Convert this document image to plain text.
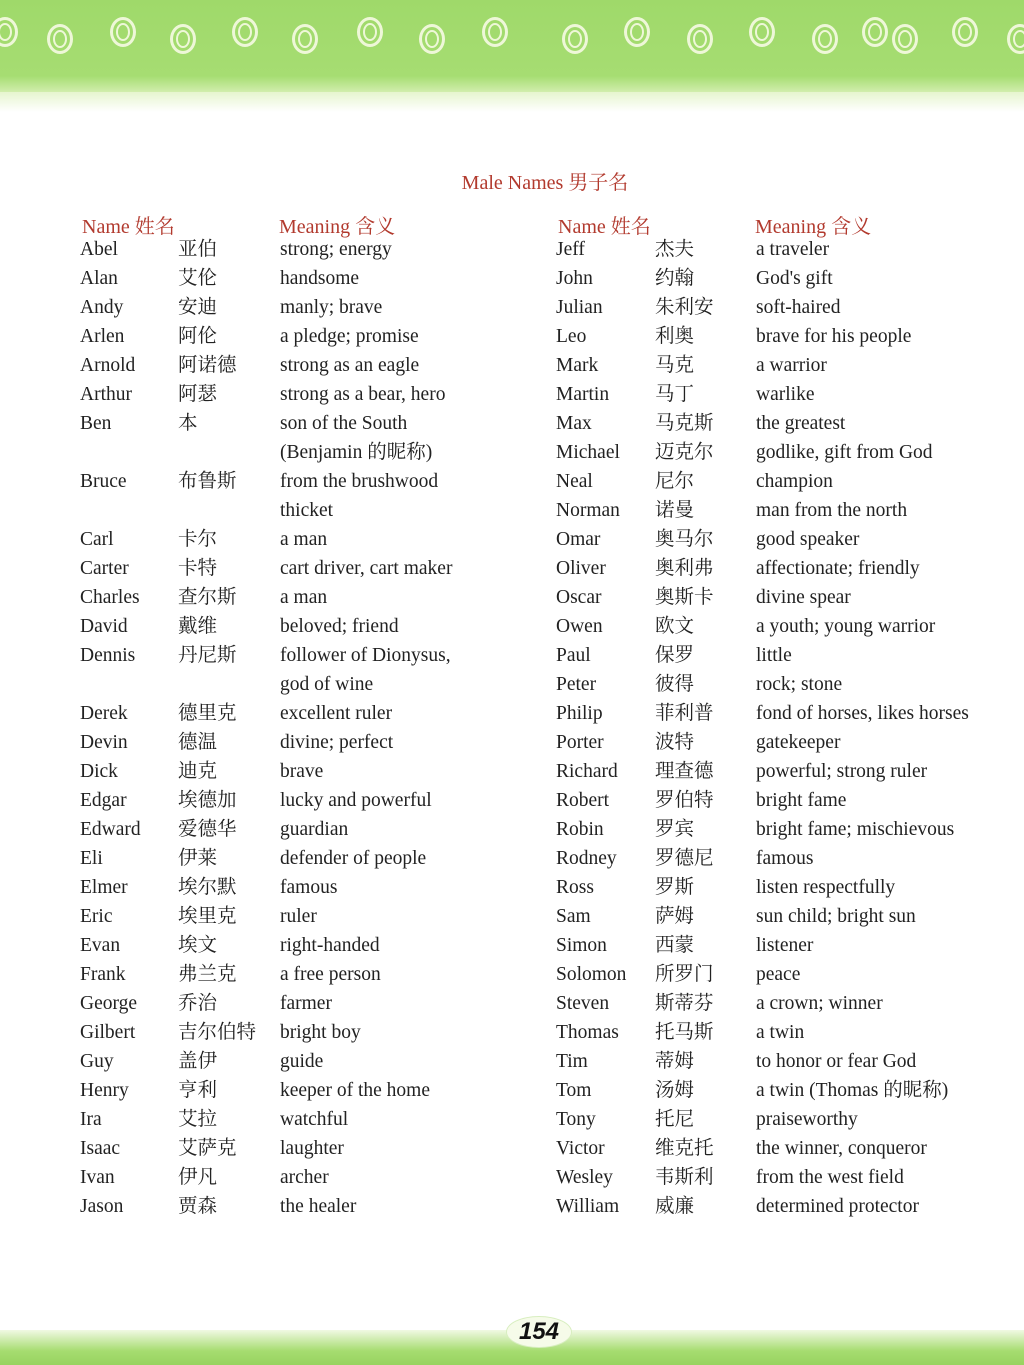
Male Names 男子名
Name 姓名	Meaning 含义	Name 姓名	Meaning 含义
Abel	亚伯	strong; energy
Alan	艾伦	handsome
Andy	安迪	manly; brave
Arlen	阿伦	a pledge; promise
Arnold 阿诺德 strong as an eagle
Arthur 阿瑟	strong as a bear, hero
Ben	本	son of the South
(Benjamin 的昵称)
Bruce	布鲁斯 from the brushwood
thicket
Carl	卡尔	a man
Carter	卡特	cart driver, cart maker
Charles 查尔斯 a man
David	戴维	beloved; friend
Dennis 丹尼斯 follower of Dionysus,
god of wine
Derek	德里克 excellent ruler
Devin	德温	divine; perfect
Dick	迪克	brave
Edgar	埃德加 lucky and powerful
Edward 爱德华 guardian
Eli	伊莱	defender of people
Elmer	埃尔默 famous
Eric	埃里克 ruler
Evan	埃文	right-handed
Frank	弗兰克 a free person
George 乔治	farmer
Gilbert 吉尔伯特 bright boy
Guy	盖伊	guide
Henry	亨利	keeper of the home
Ira	艾拉	watchful
Isaac	艾萨克 laughter
Ivan	伊凡	archer
Jason	贾森	the healer
Jeff	杰夫	a traveler
John	约翰	God's gift
Julian	朱利安 soft-haired
Leo	利奥	brave for his people
Mark	马克	a warrior
Martin 马丁	warlike
Max	马克斯 the greatest
Michael 迈克尔 godlike, gift from God
Neal	尼尔	champion
Norman 诺曼	man from the north
Omar	奥马尔 good speaker
Oliver	奥利弗 affectionate; friendly
Oscar	奥斯卡 divine spear
Owen	欧文	a youth; young warrior
Paul	保罗	little
Peter	彼得	rock; stone
Philip	菲利普 fond of horses, likes horses
Porter	波特	gatekeeper
Richard 理查德 powerful; strong ruler
Robert 罗伯特 bright fame
Robin	罗宾	bright fame; mischievous
Rodney 罗德尼 famous
Ross	罗斯	listen respectfully
Sam	萨姆	sun child; bright sun
Simon 西蒙	listener
Solomon 所罗门 peace
Steven 斯蒂芬 a crown; winner
Thomas 托马斯 a twin
Tim	蒂姆	to honor or fear God
Tom	汤姆	a twin (Thomas 的昵称)
Tony	托尼	praiseworthy
Victor	维克托 the winner, conqueror
Wesley 韦斯利 from the west field
William 威廉	determined protector
154
